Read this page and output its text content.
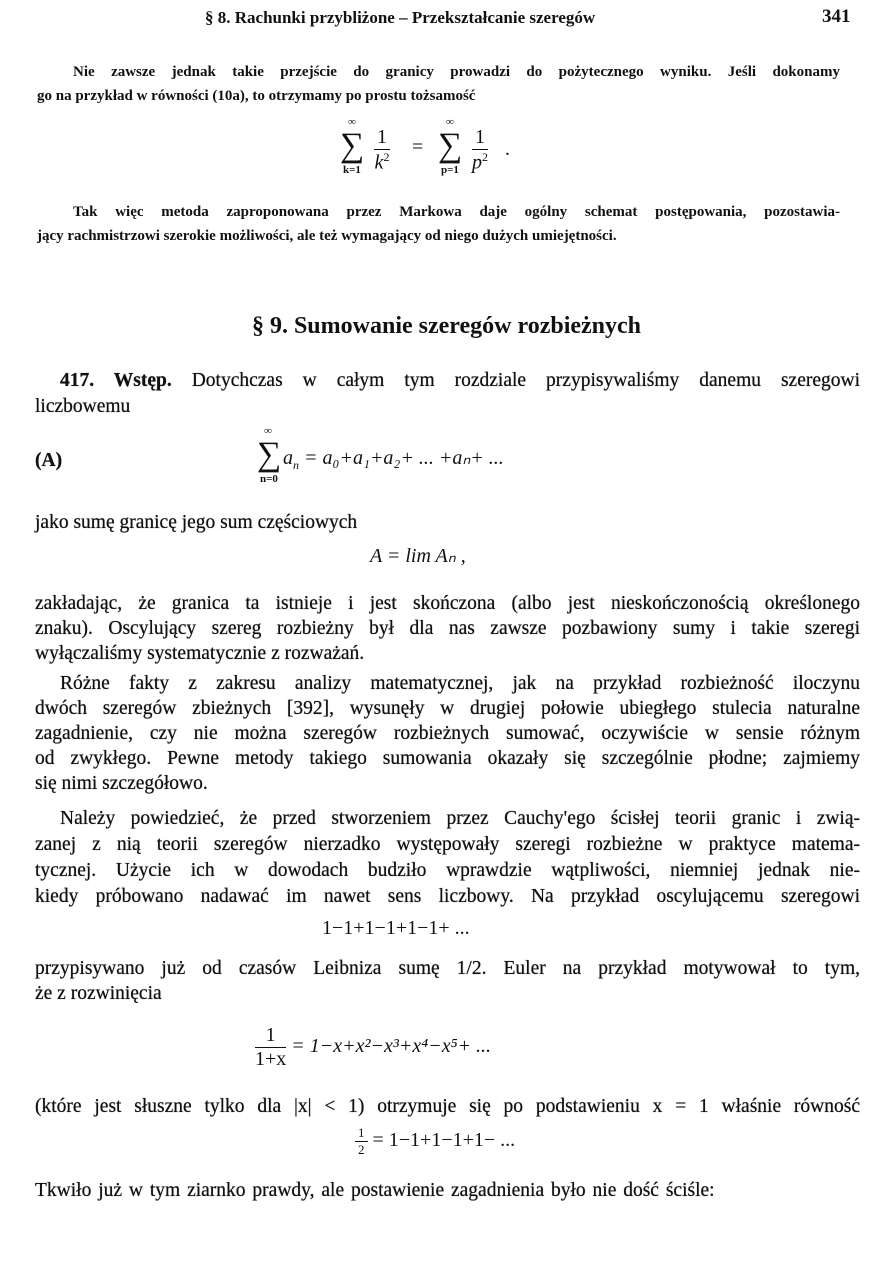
§ 8. Rachunki przybliżone – Przekształcanie szeregów	341
Nie zawsze jednak takie przejście do granicy prowadzi do pożytecznego wyniku. Jeśli dokonamy
go na przykład w równości (10a), to otrzymamy po prostu tożsamość
∞
∑
$k=1 \frac{1}{k^2}$ =
∞
∑
$p=1 \frac{1}{p^2}$ .
Tak więc metoda zaproponowana przez Markowa daje ogólny schemat postępowania, pozostawia-
jący rachmistrzowi szerokie możliwości, ale też wymagający od niego dużych umiejętności.
§ 9. Sumowanie szeregów rozbieżnych
417. Wstęp. Dotychczas w całym tym rozdziale przypisywaliśmy danemu szeregowi
liczbowemu
(A)
∞
∑
n=0
$a_n = a_0+a_1+a_2+$ ... +aₙ+ ...
jako sumę granicę jego sum częściowych
A = lim Aₙ ,
zakładając, że granica ta istnieje i jest skończona (albo jest nieskończonością określonego
znaku). Oscylujący szereg rozbieżny był dla nas zawsze pozbawiony sumy i takie szeregi
wyłączaliśmy systematycznie z rozważań.
Różne fakty z zakresu analizy matematycznej, jak na przykład rozbieżność iloczynu
dwóch szeregów zbieżnych [392], wysunęły w drugiej połowie ubiegłego stulecia naturalne
zagadnienie, czy nie można szeregów rozbieżnych sumować, oczywiście w sensie różnym
od zwykłego. Pewne metody takiego sumowania okazały się szczególnie płodne; zajmiemy
się nimi szczegółowo.
Należy powiedzieć, że przed stworzeniem przez Cauchy'ego ścisłej teorii granic i zwią-
zanej z nią teorii szeregów nierzadko występowały szeregi rozbieżne w praktyce matema-
tycznej. Użycie ich w dowodach budziło wprawdzie wątpliwości, niemniej jednak nie-
kiedy próbowano nadawać im nawet sens liczbowy. Na przykład oscylującemu szeregowi
1−1+1−1+1−1+ ...
przypisywano już od czasów Leibniza sumę 1/2. Euler na przykład motywował to tym,
że z rozwinięcia
$\frac{1}{1+x} = 1-x+x^2-x^3+x^4-x^5+$ ...
(które jest słuszne tylko dla |x| < 1) otrzymuje się po podstawieniu x = 1 właśnie równość
$\frac{1}{2} = 1-1+1-1+1-$ ...
Tkwiło już w tym ziarnko prawdy, ale postawienie zagadnienia było nie dość ściśle:
